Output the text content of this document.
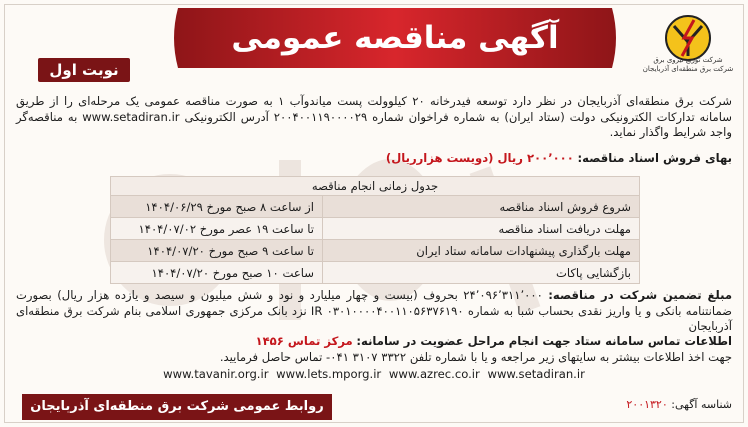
آگهی مناقصه عمومی
نوبت اول
شرکت توزیع نیروی برق
شرکت برق منطقه‌ای آذربایجان
شرکت برق منطقه‌ای آذربایجان در نظر دارد توسعه فیدرخانه ۲۰ کیلوولت پست میاندوآب ۱ به صورت مناقصه عمومی یک مرحله‌ای را از طریق سامانه تدارکات الکترونیکی دولت (ستاد ایران) به شماره فراخوان شماره ۲۰۰۴۰۰۱۱۹۰۰۰۰۲۹ آدرس الکترونیکی www.setadiran.ir به مناقصه‌گر واجد شرایط واگذار نماید.
بهای فروش اسناد مناقصه: ۲۰۰٬۰۰۰ ریال (دویست هزارریال)
جدول زمانی انجام مناقصه	
شروع فروش اسناد مناقصه	از ساعت ۸ صبح مورخ ۱۴۰۴/۰۶/۲۹
مهلت دریافت اسناد مناقصه	تا ساعت ۱۹ عصر مورخ ۱۴۰۴/۰۷/۰۲
مهلت بارگذاری پیشنهادات سامانه ستاد ایران	تا ساعت ۹ صبح مورخ ۱۴۰۴/۰۷/۲۰
بازگشایی پاکات	ساعت ۱۰ صبح مورخ ۱۴۰۴/۰۷/۲۰
مبلغ تضمین شرکت در مناقصه: ۲۴٬۰۹۶٬۳۱۱٬۰۰۰ بحروف (بیست و چهار میلیارد و نود و شش میلیون و سیصد و یازده هزار ریال) بصورت ضمانتنامه بانکی و یا واریز نقدی بحساب شبا به شماره IR ۰۳۰۱۰۰۰۰۴۰۰۱۱۰۵۶۳۷۶۱۹۰ نزد بانک مرکزی جمهوری اسلامی بنام شرکت برق منطقه‌ای آذربایجان
اطلاعات تماس سامانه ستاد جهت انجام مراحل عضویت در سامانه: مرکز تماس ۱۴۵۶
جهت اخذ اطلاعات بیشتر به سایتهای زیر مراجعه و یا با شماره تلفن ۳۳۲۲ ۳۱۰۷ ۰۴۱- تماس حاصل فرمایید.
www.tavanir.org.ir www.lets.mporg.ir www.azrec.co.ir www.setadiran.ir
روابط عمومی شرکت برق منطقه‌ای آذربایجان	شناسه آگهی: ۲۰۰۱۳۲۰
